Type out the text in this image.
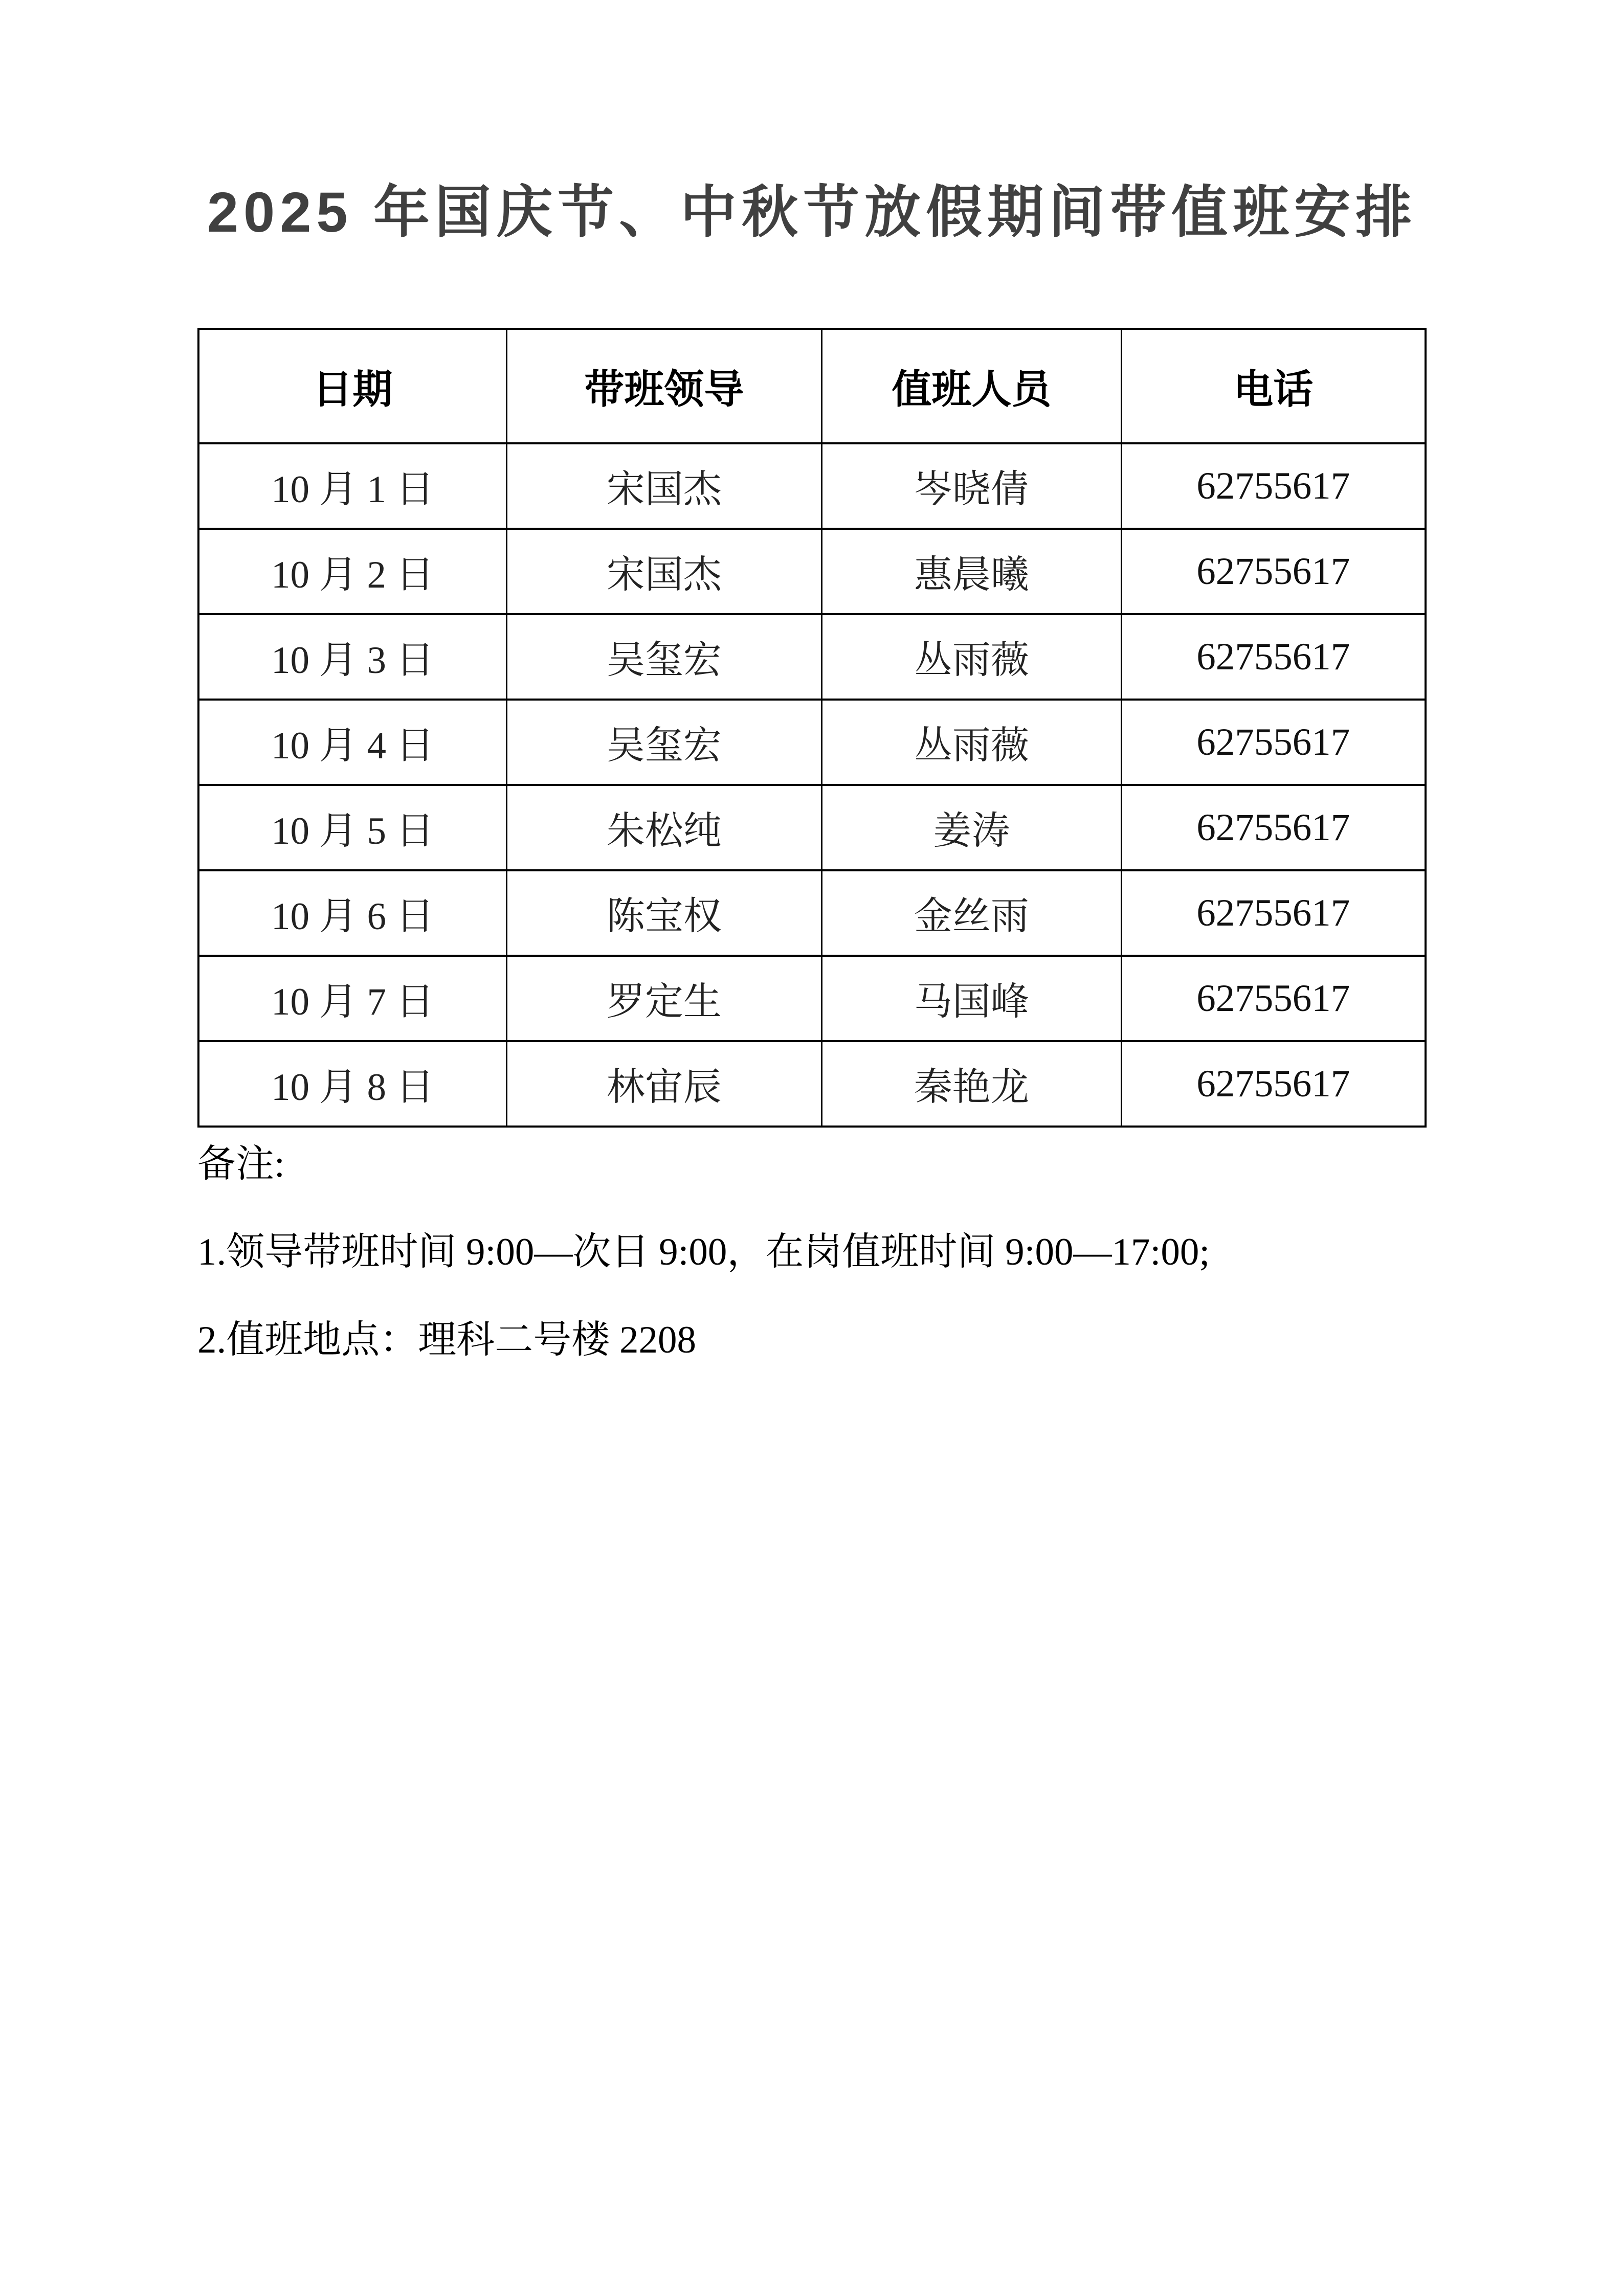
2025 年国庆节、中秋节放假期间带值班安排
日期	带班领导	值班人员	电话
10 月 1 日	宋国杰	岑晓倩	62755617
10 月 2 日	宋国杰	惠晨曦	62755617
10 月 3 日	吴玺宏	丛雨薇	62755617
10 月 4 日	吴玺宏	丛雨薇	62755617
10 月 5 日	朱松纯	姜涛	62755617
10 月 6 日	陈宝权	金丝雨	62755617
10 月 7 日	罗定生	马国峰	62755617
10 月 8 日	林宙辰	秦艳龙	62755617

备注:

1.领导带班时间 9:00—次日 9:00，在岗值班时间 9:00—17:00;

2.值班地点：理科二号楼 2208
